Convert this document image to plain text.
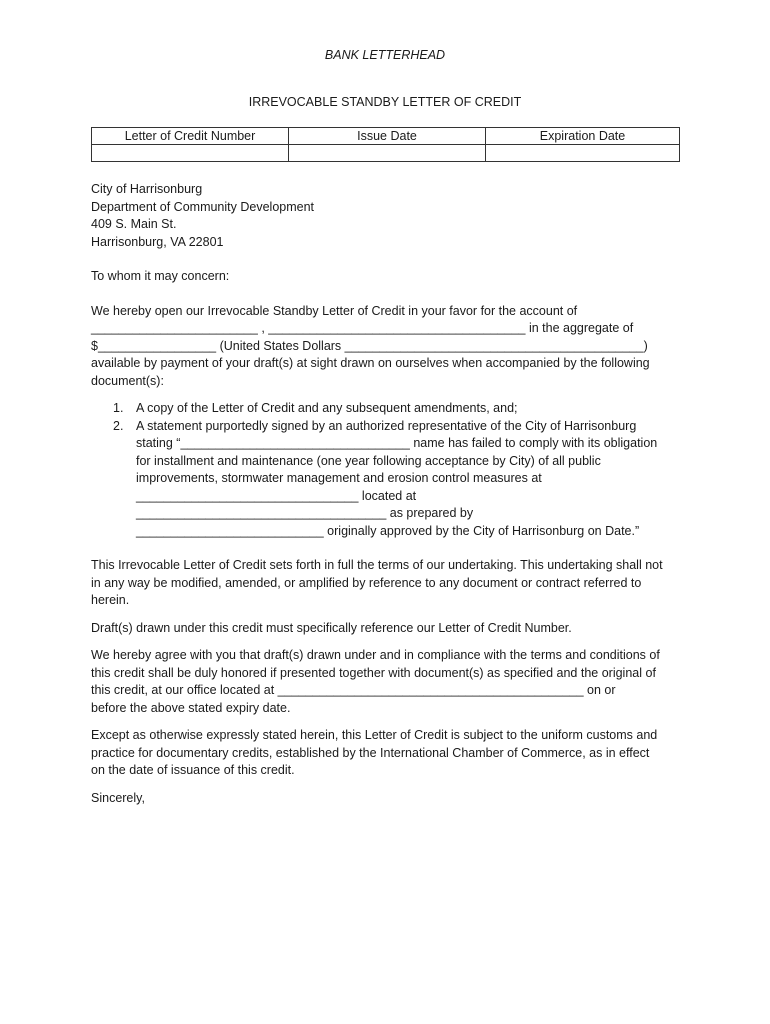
BANK LETTERHEAD
IRREVOCABLE STANDBY LETTER OF CREDIT
Letter of Credit Number	Issue Date	Expiration Date

City of Harrisonburg

Department of Community Development

409 S. Main St.

Harrisonburg, VA 22801

To whom it may concern:

We hereby open our Irrevocable Standby Letter of Credit in your favor for the account of

________________________ , _____________________________________ in the aggregate of

$_________________ (United States Dollars ___________________________________________)

available by payment of your draft(s) at sight drawn on ourselves when accompanied by the following

document(s):

1. A copy of the Letter of Credit and any subsequent amendments, and;

2. A statement purportedly signed by an authorized representative of the City of Harrisonburg

stating “_________________________________ name has failed to comply with its obligation

for installment and maintenance (one year following acceptance by City) of all public

improvements, stormwater management and erosion control measures at

________________________________ located at

____________________________________ as prepared by

___________________________ originally approved by the City of Harrisonburg on Date.”

This Irrevocable Letter of Credit sets forth in full the terms of our undertaking. This undertaking shall not

in any way be modified, amended, or amplified by reference to any document or contract referred to

herein.

Draft(s) drawn under this credit must specifically reference our Letter of Credit Number.

We hereby agree with you that draft(s) drawn under and in compliance with the terms and conditions of

this credit shall be duly honored if presented together with document(s) as specified and the original of

this credit, at our office located at ____________________________________________ on or

before the above stated expiry date.

Except as otherwise expressly stated herein, this Letter of Credit is subject to the uniform customs and

practice for documentary credits, established by the International Chamber of Commerce, as in effect

on the date of issuance of this credit.

Sincerely,
